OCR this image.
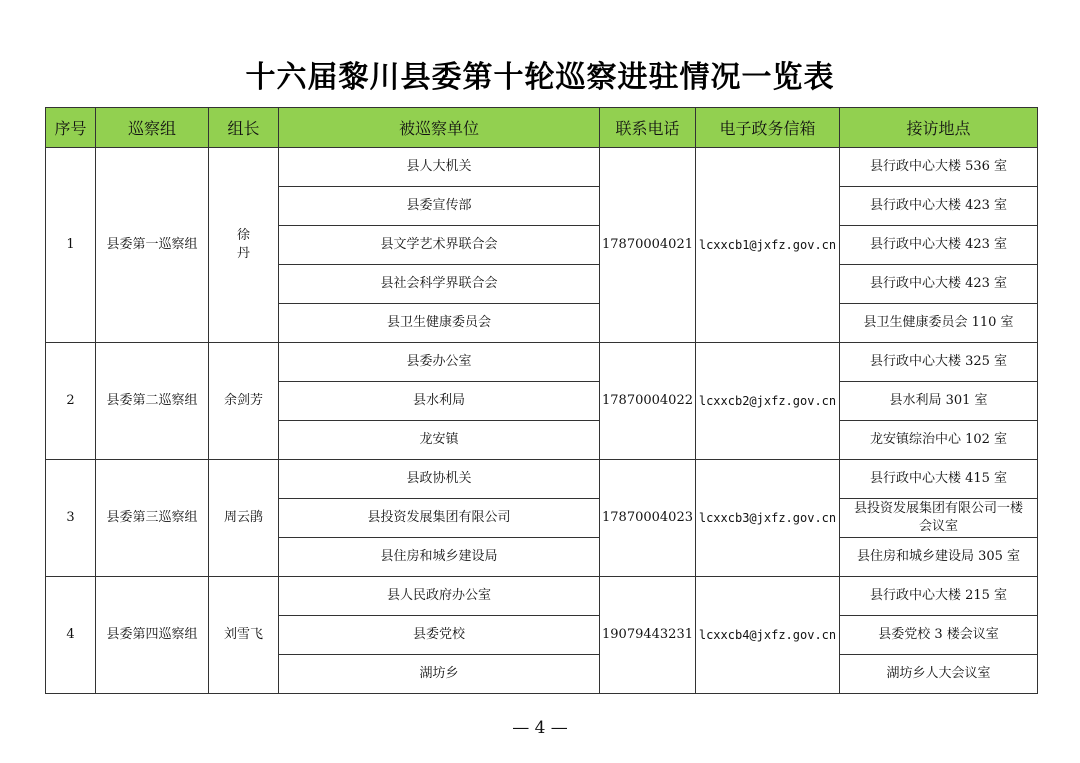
十六届黎川县委第十轮巡察进驻情况一览表
序号	巡察组	组长	被巡察单位	联系电话	电子政务信箱	接访地点
1	县委第一巡察组	徐丹	县人大机关	17870004021	lcxxcb1@jxfz.gov.cn	县行政中心大楼 536 室
			县委宣传部			县行政中心大楼 423 室
			县文学艺术界联合会			县行政中心大楼 423 室
			县社会科学界联合会			县行政中心大楼 423 室
			县卫生健康委员会			县卫生健康委员会 110 室
2	县委第二巡察组	余剑芳	县委办公室	17870004022	lcxxcb2@jxfz.gov.cn	县行政中心大楼 325 室
			县水利局			县水利局 301 室
			龙安镇			龙安镇综治中心 102 室
3	县委第三巡察组	周云鹃	县政协机关	17870004023	lcxxcb3@jxfz.gov.cn	县行政中心大楼 415 室
			县投资发展集团有限公司			县投资发展集团有限公司一楼会议室
			县住房和城乡建设局			县住房和城乡建设局 305 室
4	县委第四巡察组	刘雪飞	县人民政府办公室	19079443231	lcxxcb4@jxfz.gov.cn	县行政中心大楼 215 室
			县委党校			县委党校 3 楼会议室
			湖坊乡			湖坊乡人大会议室
— 4 —
